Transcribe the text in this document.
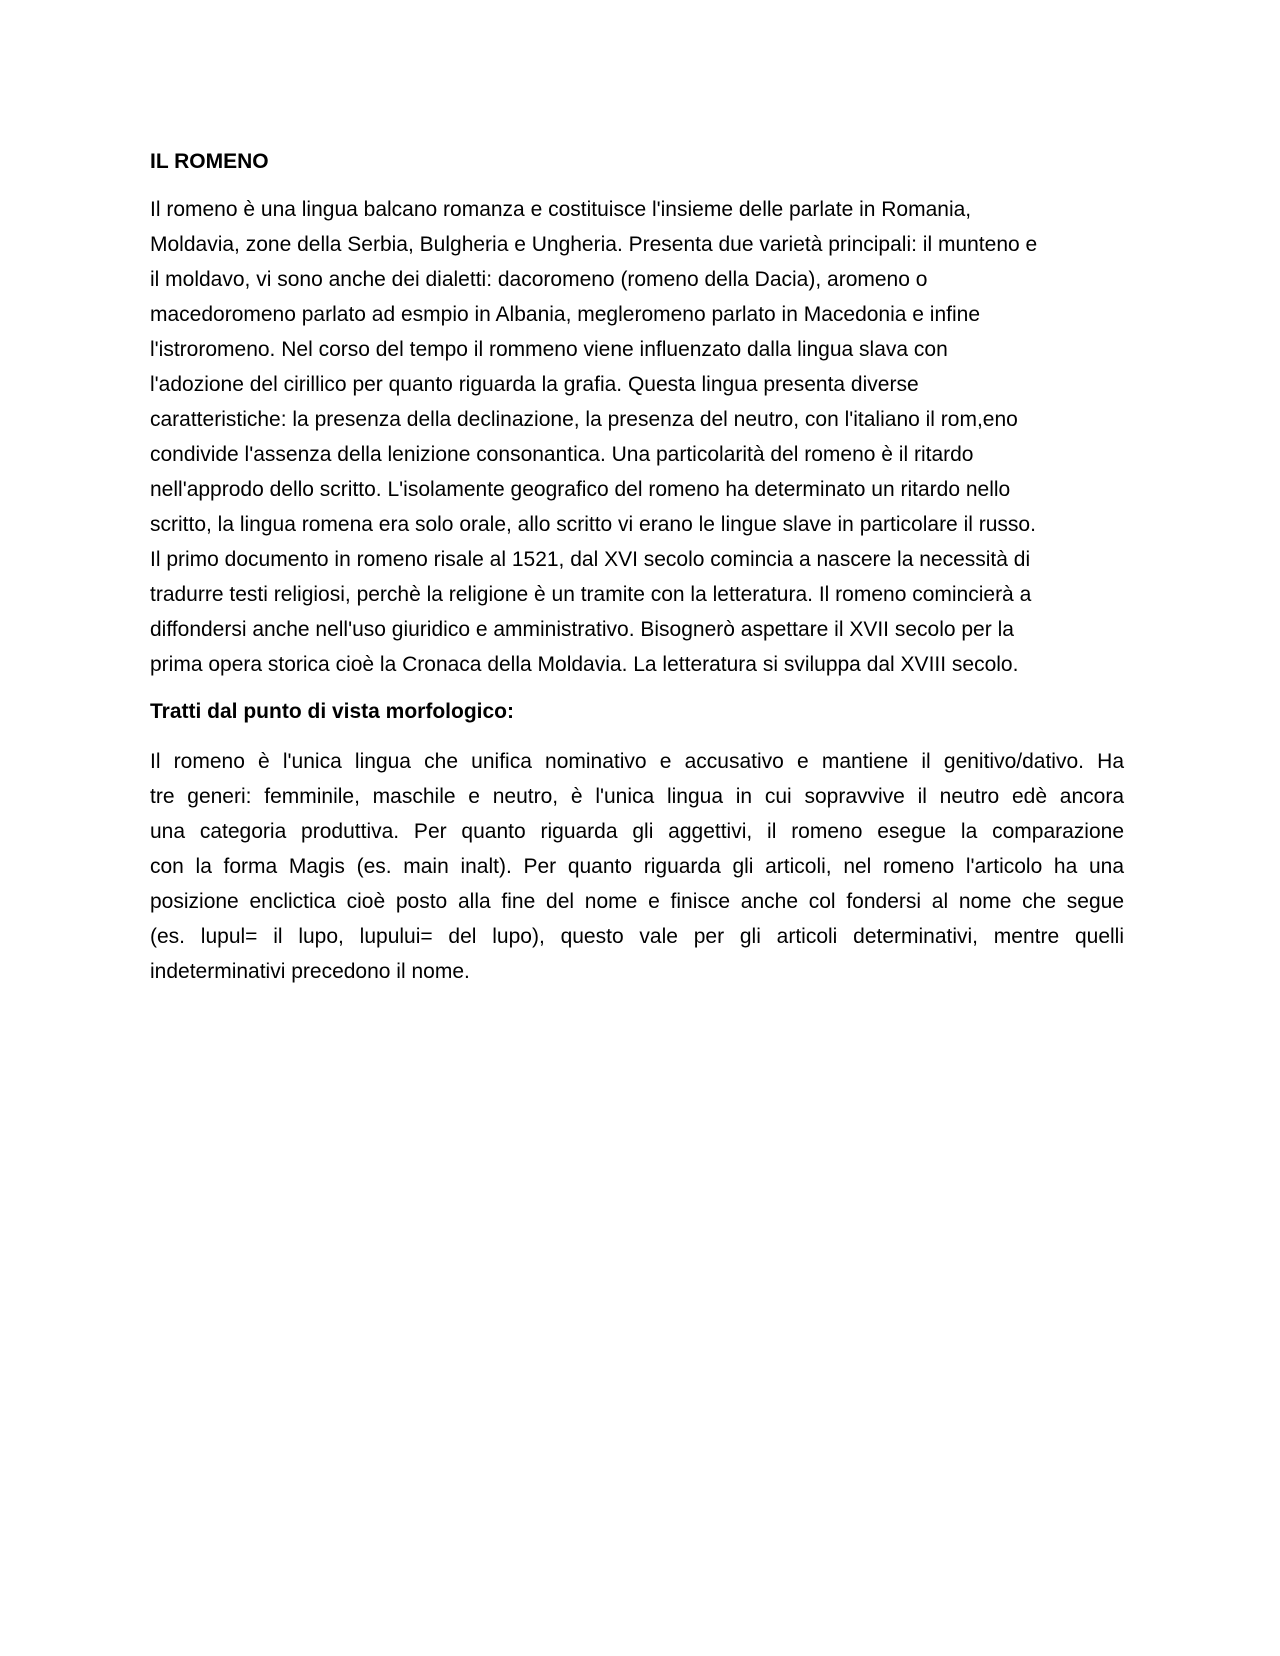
IL ROMENO
Il romeno è una lingua balcano romanza e costituisce l'insieme delle parlate in Romania,
Moldavia, zone della Serbia, Bulgheria e Ungheria. Presenta due varietà principali: il munteno e
il moldavo, vi sono anche dei dialetti: dacoromeno (romeno della Dacia), aromeno o
macedoromeno parlato ad esmpio in Albania, megleromeno parlato in Macedonia e infine
l'istroromeno. Nel corso del tempo il rommeno viene influenzato dalla lingua slava con
l'adozione del cirillico per quanto riguarda la grafia. Questa lingua presenta diverse
caratteristiche: la presenza della declinazione, la presenza del neutro, con l'italiano il rom,eno
condivide l'assenza della lenizione consonantica. Una particolarità del romeno è il ritardo
nell'approdo dello scritto. L'isolamente geografico del romeno ha determinato un ritardo nello
scritto, la lingua romena era solo orale, allo scritto vi erano le lingue slave in particolare il russo.
Il primo documento in romeno risale al 1521, dal XVI secolo comincia a nascere la necessità di
tradurre testi religiosi, perchè la religione è un tramite con la letteratura. Il romeno comincierà a
diffondersi anche nell'uso giuridico e amministrativo. Bisognerò aspettare il XVII secolo per la
prima opera storica cioè la Cronaca della Moldavia. La letteratura si sviluppa dal XVIII secolo.
Tratti dal punto di vista morfologico:
Il romeno è l'unica lingua che unifica nominativo e accusativo e mantiene il genitivo/dativo. Ha
tre generi: femminile, maschile e neutro, è l'unica lingua in cui sopravvive il neutro edè ancora
una categoria produttiva. Per quanto riguarda gli aggettivi, il romeno esegue la comparazione
con la forma Magis (es. main inalt). Per quanto riguarda gli articoli, nel romeno l'articolo ha una
posizione enclictica cioè posto alla fine del nome e finisce anche col fondersi al nome che segue
(es. lupul= il lupo, lupului= del lupo), questo vale per gli articoli determinativi, mentre quelli
indeterminativi precedono il nome.
